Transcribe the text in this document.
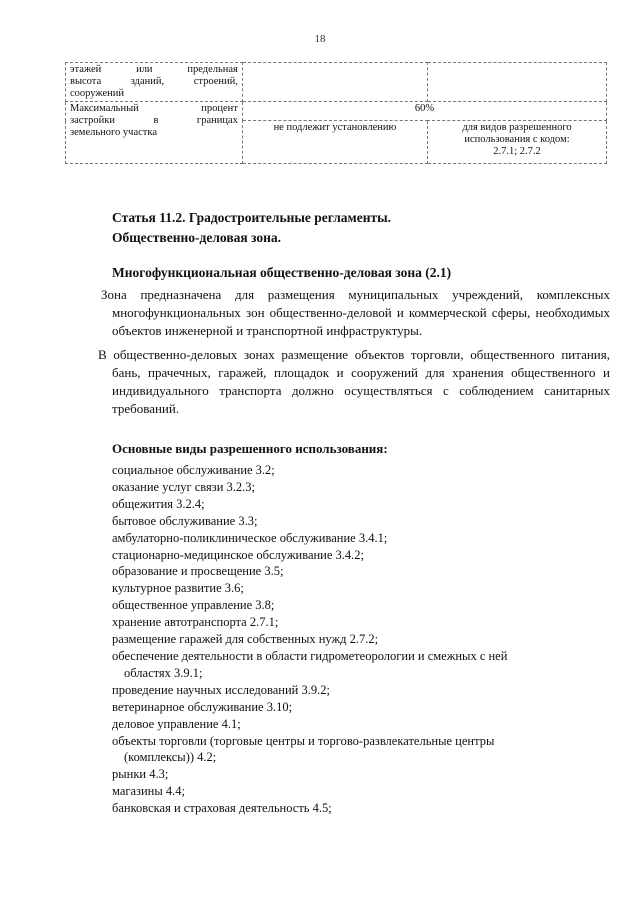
18
этажей или предельная
высота зданий, строений,
сооружений		

Максимальный процент
застройки в границах
земельного участка	60%	
	не подлежит установлению	для видов разрешенного
использования с кодом:
2.7.1; 2.7.2
Статья 11.2. Градостроительные регламенты.
Общественно-деловая зона.
Многофункциональная общественно-деловая зона (2.1)
Зона предназначена для размещения муниципальных учреждений, комплексных многофункциональных зон общественно-деловой и коммерческой сферы, необходимых объектов инженерной и транспортной инфраструктуры.
В общественно-деловых зонах размещение объектов торговли, общественного питания, бань, прачечных, гаражей, площадок и сооружений для хранения общественного и индивидуального транспорта должно осуществляться с соблюдением санитарных требований.
Основные виды разрешенного использования:
социальное обслуживание 3.2;
оказание услуг связи 3.2.3;
общежития 3.2.4;
бытовое обслуживание 3.3;
амбулаторно-поликлиническое обслуживание 3.4.1;
стационарно-медицинское обслуживание 3.4.2;
образование и просвещение 3.5;
культурное развитие 3.6;
общественное управление 3.8;
хранение автотранспорта 2.7.1;
размещение гаражей для собственных нужд 2.7.2;
обеспечение деятельности в области гидрометеорологии и смежных с ней
областях 3.9.1;
проведение научных исследований 3.9.2;
ветеринарное обслуживание 3.10;
деловое управление 4.1;
объекты торговли (торговые центры и торгово-развлекательные центры
(комплексы)) 4.2;
рынки 4.3;
магазины 4.4;
банковская и страховая деятельность 4.5;
